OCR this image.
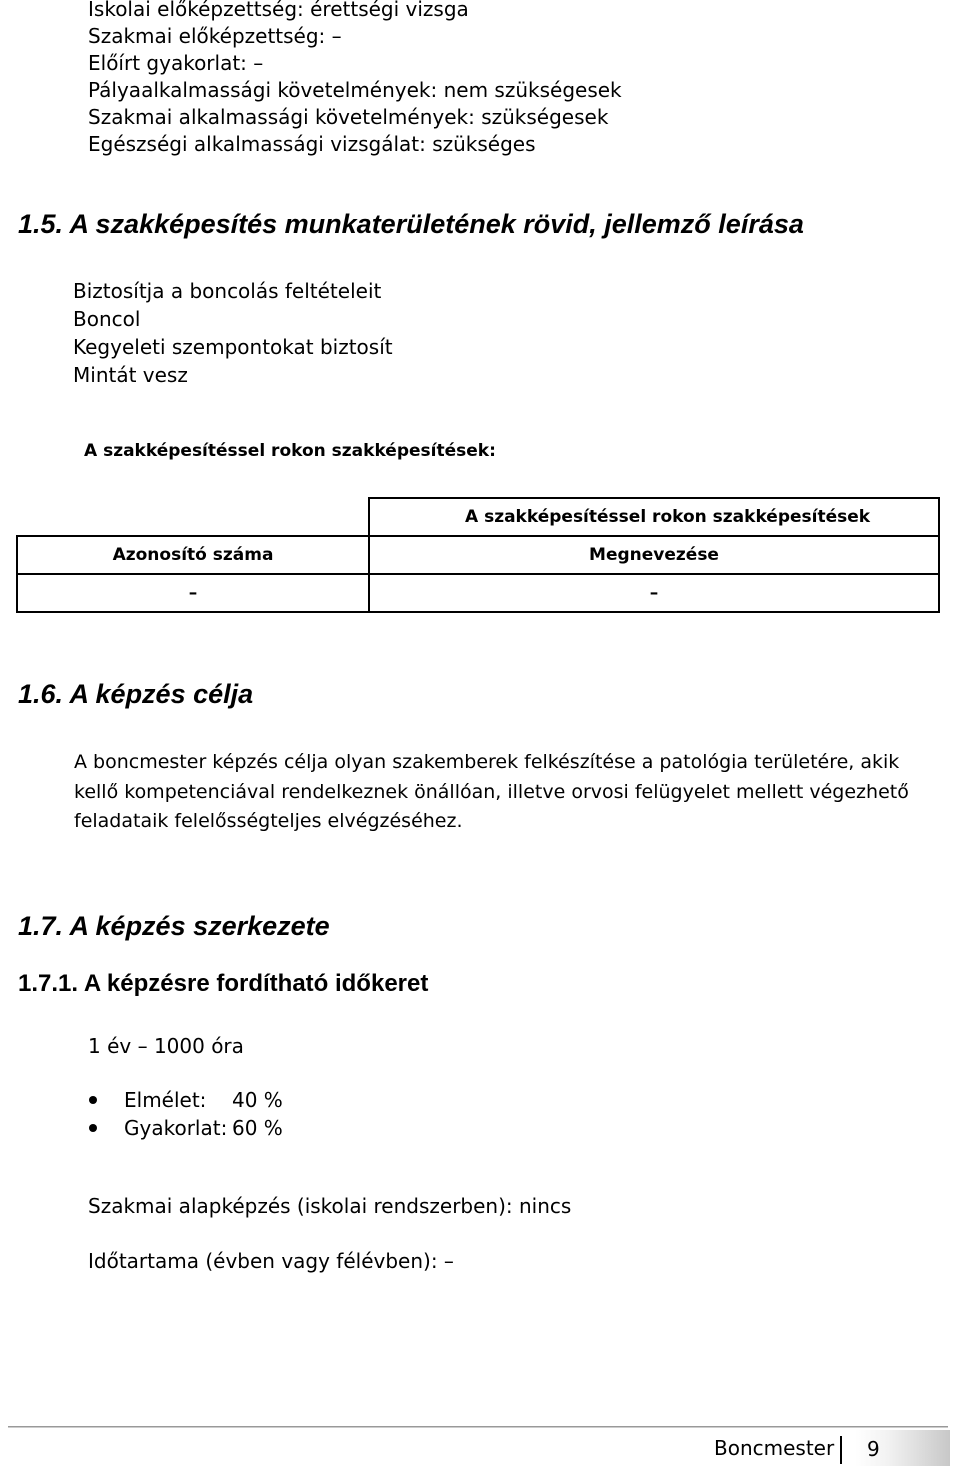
Iskolai előképzettség: érettségi vizsga
Szakmai előképzettség: –
Előírt gyakorlat: –
Pályaalkalmassági követelmények: nem szükségesek
Szakmai alkalmassági követelmények: szükségesek
Egészségi alkalmassági vizsgálat: szükséges
1.5. A szakképesítés munkaterületének rövid, jellemző leírása
Biztosítja a boncolás feltételeit
Boncol
Kegyeleti szempontokat biztosít
Mintát vesz
A szakképesítéssel rokon szakképesítések:
	A szakképesítéssel rokon szakképesítések
Azonosító száma	Megnevezése
–	–
1.6. A képzés célja
A boncmester képzés célja olyan szakemberek felkészítése a patológia területére, akik kellő kompetenciával rendelkeznek önállóan, illetve orvosi felügyelet mellett végezhető feladataik felelősségteljes elvégzéséhez.
1.7. A képzés szerkezete
1.7.1. A képzésre fordítható időkeret
1 év – 1000 óra
Elmélet: 40 %
Gyakorlat: 60 %
Szakmai alapképzés (iskolai rendszerben): nincs
Időtartama (évben vagy félévben): –
Boncmester	9
